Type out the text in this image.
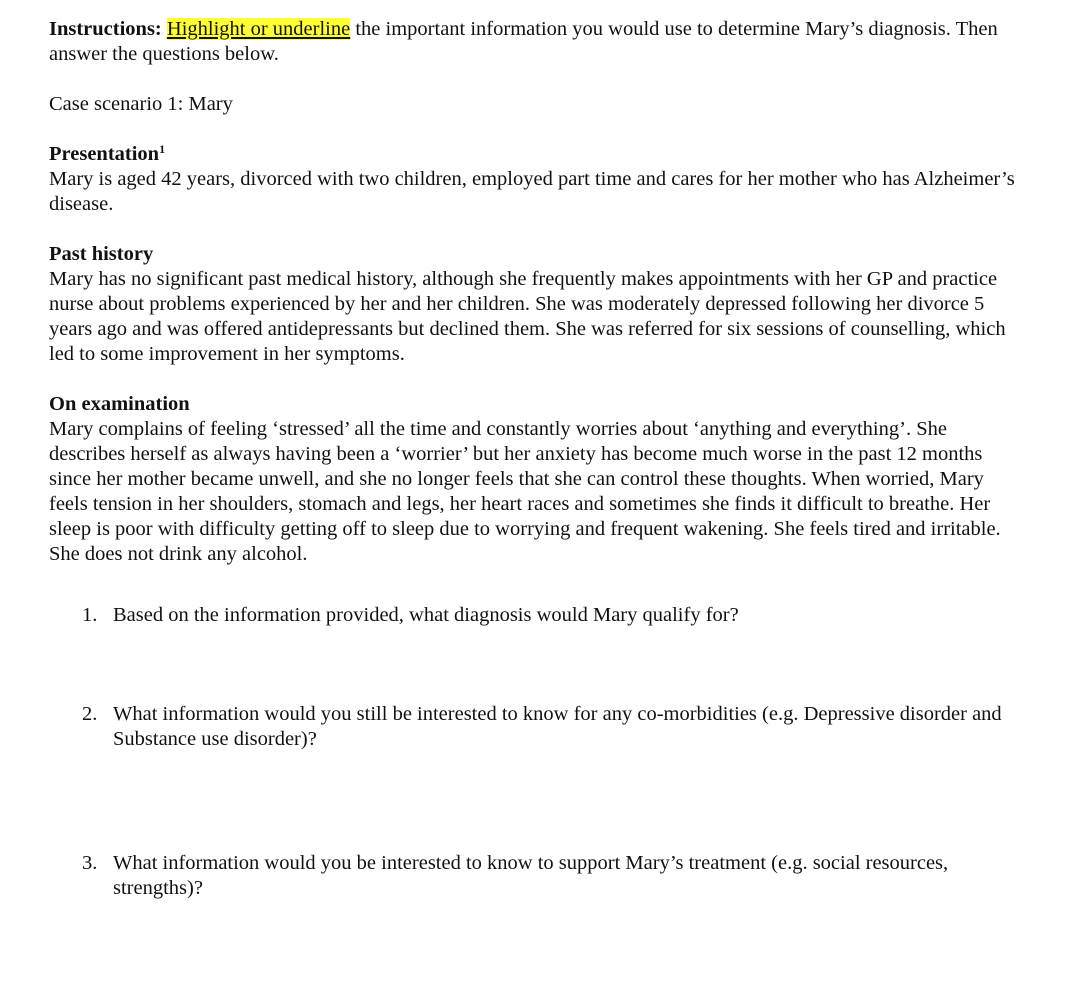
Instructions: Highlight or underline the important information you would use to determine Mary’s diagnosis. Then answer the questions below.

Case scenario 1: Mary

Presentation$^1$

Mary is aged 42 years, divorced with two children, employed part time and cares for her mother who has Alzheimer’s disease.

Past history

Mary has no significant past medical history, although she frequently makes appointments with her GP and practice nurse about problems experienced by her and her children. She was moderately depressed following her divorce 5 years ago and was offered antidepressants but declined them. She was referred for six sessions of counselling, which led to some improvement in her symptoms.

On examination

Mary complains of feeling ‘stressed’ all the time and constantly worries about ‘anything and everything’. She describes herself as always having been a ‘worrier’ but her anxiety has become much worse in the past 12 months since her mother became unwell, and she no longer feels that she can control these thoughts. When worried, Mary feels tension in her shoulders, stomach and legs, her heart races and sometimes she finds it difficult to breathe. Her sleep is poor with difficulty getting off to sleep due to worrying and frequent wakening. She feels tired and irritable. She does not drink any alcohol.

1. Based on the information provided, what diagnosis would Mary qualify for?
2. What information would you still be interested to know for any co-morbidities (e.g. Depressive disorder and Substance use disorder)?
3. What information would you be interested to know to support Mary’s treatment (e.g. social resources, strengths)?
